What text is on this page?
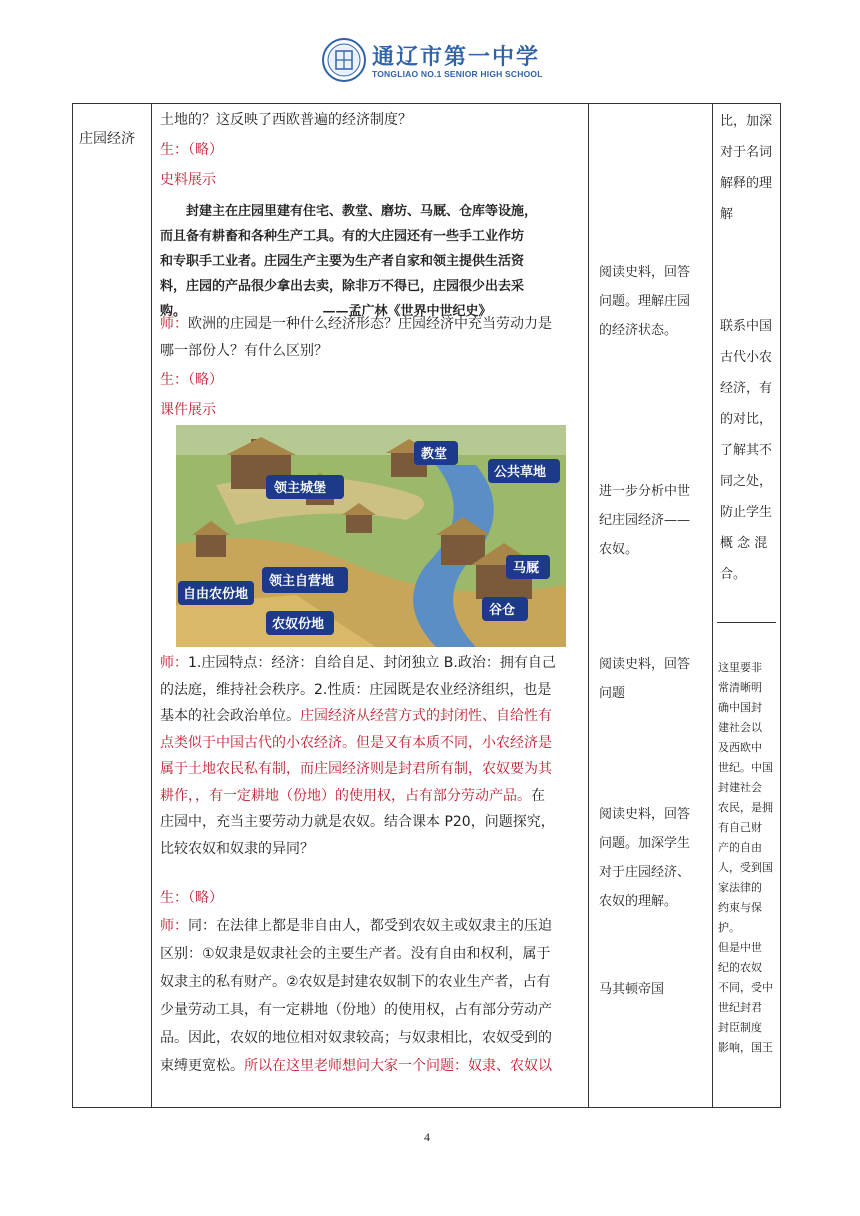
通辽市第一中学
TONGLIAO NO.1 SENIOR HIGH SCHOOL
庄园经济
土地的？这反映了西欧普遍的经济制度？
生：（略）
史料展示
　　封建主在庄园里建有住宅、教堂、磨坊、马厩、仓库等设施，
而且备有耕畜和各种生产工具。有的大庄园还有一些手工业作坊
和专职手工业者。庄园生产主要为生产者自家和领主提供生活资
料，庄园的产品很少拿出去卖，除非万不得已，庄园很少出去采
购。　　　　　　　　　　　——孟广林《世界中世纪史》
师：欧洲的庄园是一种什么经济形态？庄园经济中充当劳动力是
哪一部份人？有什么区别？
生：（略）
课件展示
教堂
公共草地
领主城堡
马厩
自由农份地
领主自营地
农奴份地
谷仓
师：1.庄园特点：经济：自给自足、封闭独立 B.政治：拥有自己
的法庭，维持社会秩序。2.性质：庄园既是农业经济组织，也是
基本的社会政治单位。庄园经济从经营方式的封闭性、自给性有
点类似于中国古代的小农经济。但是又有本质不同，小农经济是
属于土地农民私有制，而庄园经济则是封君所有制，农奴要为其
耕作，，有一定耕地（份地）的使用权，占有部分劳动产品。在
庄园中，充当主要劳动力就是农奴。结合课本 P20，问题探究，
比较农奴和奴隶的异同？
生：（略）
师：同：在法律上都是非自由人，都受到农奴主或奴隶主的压迫
区别：①奴隶是奴隶社会的主要生产者。没有自由和权利，属于
奴隶主的私有财产。②农奴是封建农奴制下的农业生产者，占有
少量劳动工具，有一定耕地（份地）的使用权，占有部分劳动产
品。因此，农奴的地位相对奴隶较高；与奴隶相比，农奴受到的
束缚更宽松。所以在这里老师想问大家一个问题：奴隶、农奴以
阅读史料，回答
问题。理解庄园
的经济状态。
进一步分析中世
纪庄园经济——
农奴。
阅读史料，回答
问题
阅读史料，回答
问题。加深学生
对于庄园经济、
农奴的理解。
马其顿帝国
比，加深
对于名词
解释的理
解
联系中国
古代小农
经济，有
的对比，
了解其不
同之处，
防止学生
概 念 混
合。
这里要非
常清晰明
确中国封
建社会以
及西欧中
世纪。中国
封建社会
农民，是拥
有自己财
产的自由
人，受到国
家法律的
约束与保
护。
但是中世
纪的农奴
不同，受中
世纪封君
封臣制度
影响，国王
4
